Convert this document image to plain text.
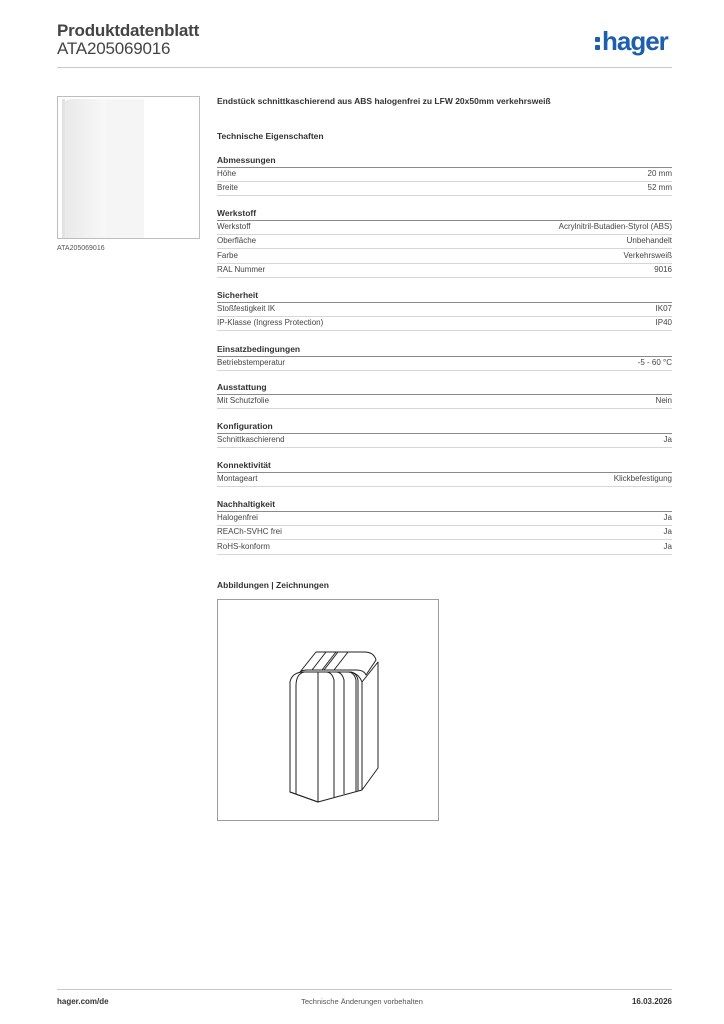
Produktdatenblatt
ATA205069016	hager
ATA205069016
Endstück schnittkaschierend aus ABS halogenfrei zu LFW 20x50mm verkehrsweiß
Technische Eigenschaften
Abmessungen
Höhe	20 mm
Breite	52 mm
Werkstoff
Werkstoff	Acrylnitril-Butadien-Styrol (ABS)
Oberfläche	Unbehandelt
Farbe	Verkehrsweiß
RAL Nummer	9016
Sicherheit
Stoßfestigkeit IK	IK07
IP-Klasse (Ingress Protection)	IP40
Einsatzbedingungen
Betriebstemperatur	-5 - 60 °C
Ausstattung
Mit Schutzfolie	Nein
Konfiguration
Schnittkaschierend	Ja
Konnektivität
Montageart	Klickbefestigung
Nachhaltigkeit
Halogenfrei	Ja
REACh-SVHC frei	Ja
RoHS-konform	Ja
Abbildungen | Zeichnungen
hager.com/de	Technische Änderungen vorbehalten	16.03.2026
